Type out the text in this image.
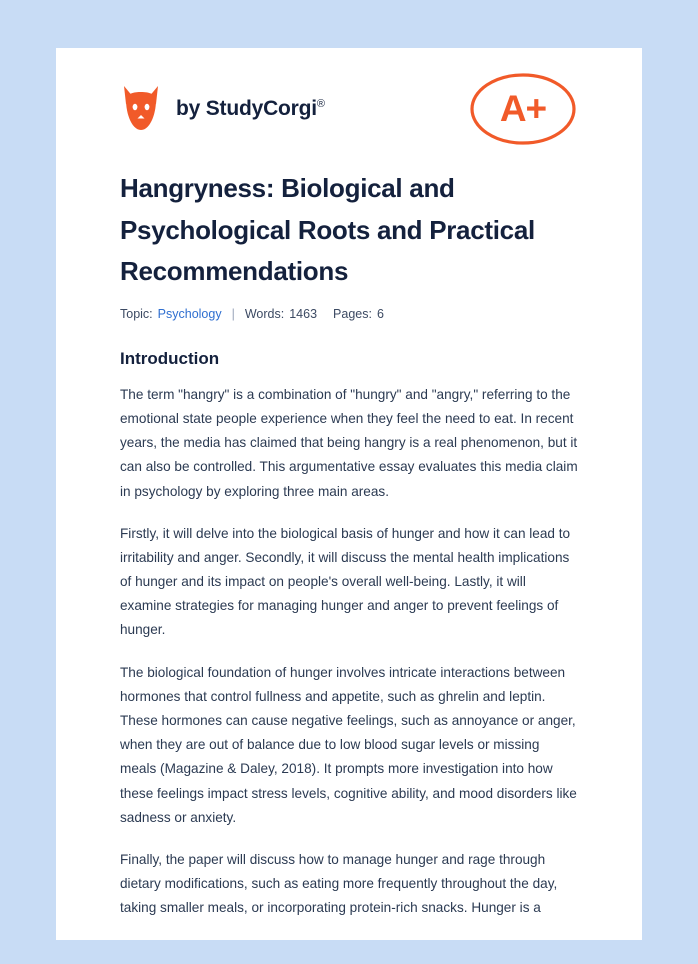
by StudyCorgi®	A+
Hangryness: Biological and Psychological Roots and Practical Recommendations
Topic: Psychology | Words: 1463 Pages: 6
Introduction

The term "hangry" is a combination of "hungry" and "angry," referring to the emotional state people experience when they feel the need to eat. In recent years, the media has claimed that being hangry is a real phenomenon, but it can also be controlled. This argumentative essay evaluates this media claim in psychology by exploring three main areas.

Firstly, it will delve into the biological basis of hunger and how it can lead to irritability and anger. Secondly, it will discuss the mental health implications of hunger and its impact on people's overall well-being. Lastly, it will examine strategies for managing hunger and anger to prevent feelings of hunger.

The biological foundation of hunger involves intricate interactions between hormones that control fullness and appetite, such as ghrelin and leptin. These hormones can cause negative feelings, such as annoyance or anger, when they are out of balance due to low blood sugar levels or missing meals (Magazine & Daley, 2018). It prompts more investigation into how these feelings impact stress levels, cognitive ability, and mood disorders like sadness or anxiety.

Finally, the paper will discuss how to manage hunger and rage through dietary modifications, such as eating more frequently throughout the day, taking smaller meals, or incorporating protein-rich snacks. Hunger is a
